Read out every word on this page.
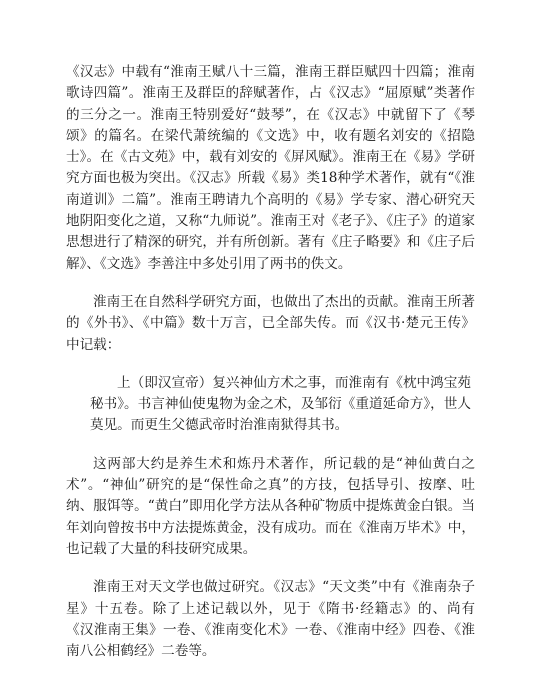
《汉志》中载有“淮南王赋八十三篇，淮南王群臣赋四十四篇；淮南歌诗四篇”。淮南王及群臣的辞赋著作，占《汉志》“屈原赋”类著作的三分之一。淮南王特别爱好“鼓琴”，在《汉志》中就留下了《琴颂》的篇名。在梁代萧统编的《文选》中，收有题名刘安的《招隐士》。在《古文苑》中，载有刘安的《屏风赋》。淮南王在《易》学研究方面也极为突出。《汉志》所载《易》类18种学术著作，就有“《淮南道训》二篇”。淮南王聘请九个高明的《易》学专家、潜心研究天地阴阳变化之道，又称“九师说”。淮南王对《老子》、《庄子》的道家思想进行了精深的研究，并有所创新。著有《庄子略要》和《庄子后解》、《文选》李善注中多处引用了两书的佚文。

淮南王在自然科学研究方面，也做出了杰出的贡献。淮南王所著的《外书》、《中篇》数十万言，已全部失传。而《汉书·楚元王传》中记载：

上（即汉宣帝）复兴神仙方术之事，而淮南有《枕中鸿宝苑秘书》。书言神仙使鬼物为金之术，及邹衍《重道延命方》，世人莫见。而更生父德武帝时治淮南狱得其书。

这两部大约是养生术和炼丹术著作，所记载的是“神仙黄白之术”。“神仙”研究的是“保性命之真”的方技，包括导引、按摩、吐纳、服饵等。“黄白”即用化学方法从各种矿物质中提炼黄金白银。当年刘向曾按书中方法提炼黄金，没有成功。而在《淮南万毕术》中，也记载了大量的科技研究成果。

淮南王对天文学也做过研究。《汉志》“天文类”中有《淮南杂子星》十五卷。除了上述记载以外，见于《隋书·经籍志》的、尚有《汉淮南王集》一卷、《淮南变化术》一卷、《淮南中经》四卷、《淮南八公相鹤经》二卷等。
